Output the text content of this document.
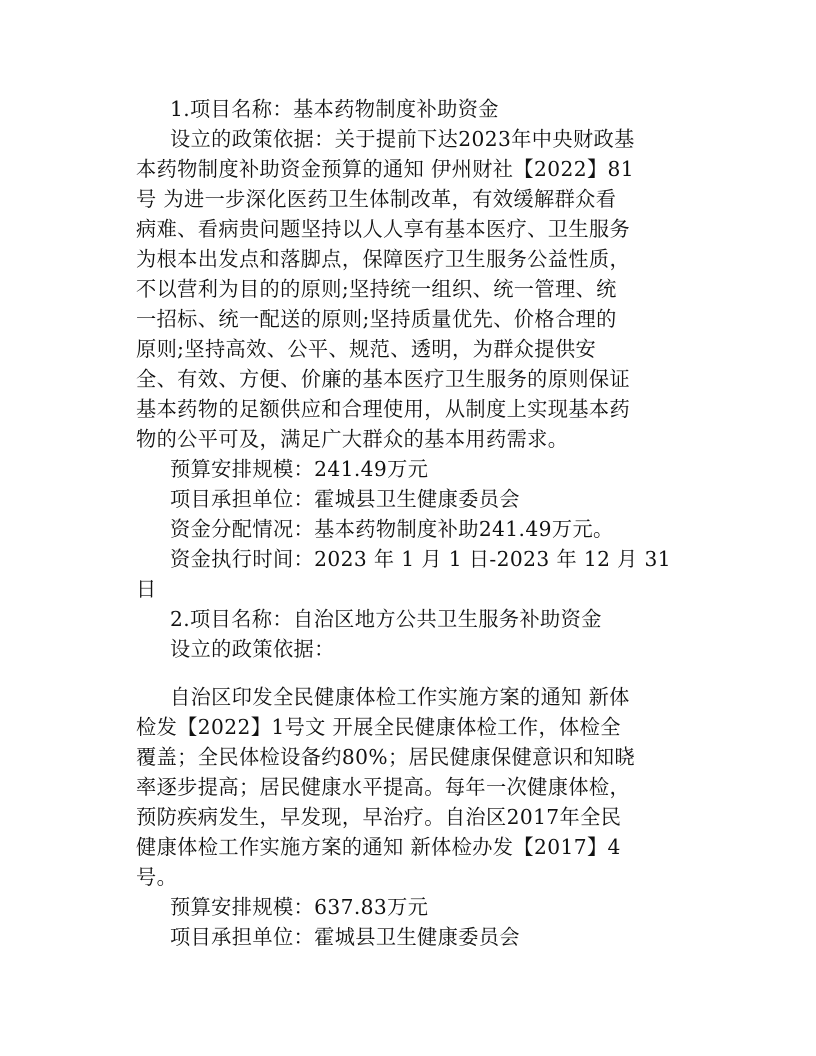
1.项目名称：基本药物制度补助资金
设立的政策依据：关于提前下达2023年中央财政基
本药物制度补助资金预算的通知 伊州财社【2022】81
号 为进一步深化医药卫生体制改革，有效缓解群众看
病难、看病贵问题坚持以人人享有基本医疗、卫生服务
为根本出发点和落脚点，保障医疗卫生服务公益性质，
不以营利为目的的原则;坚持统一组织、统一管理、统
一招标、统一配送的原则;坚持质量优先、价格合理的
原则;坚持高效、公平、规范、透明，为群众提供安
全、有效、方便、价廉的基本医疗卫生服务的原则保证
基本药物的足额供应和合理使用，从制度上实现基本药
物的公平可及，满足广大群众的基本用药需求。
预算安排规模：241.49万元
项目承担单位：霍城县卫生健康委员会
资金分配情况：基本药物制度补助241.49万元。
资金执行时间：2023 年 1 月 1 日-2023 年 12 月 31
日
2.项目名称：自治区地方公共卫生服务补助资金
设立的政策依据：
自治区印发全民健康体检工作实施方案的通知 新体
检发【2022】1号文 开展全民健康体检工作，体检全
覆盖；全民体检设备约80%；居民健康保健意识和知晓
率逐步提高；居民健康水平提高。每年一次健康体检，
预防疾病发生，早发现，早治疗。自治区2017年全民
健康体检工作实施方案的通知 新体检办发【2017】4
号。
预算安排规模：637.83万元
项目承担单位：霍城县卫生健康委员会
